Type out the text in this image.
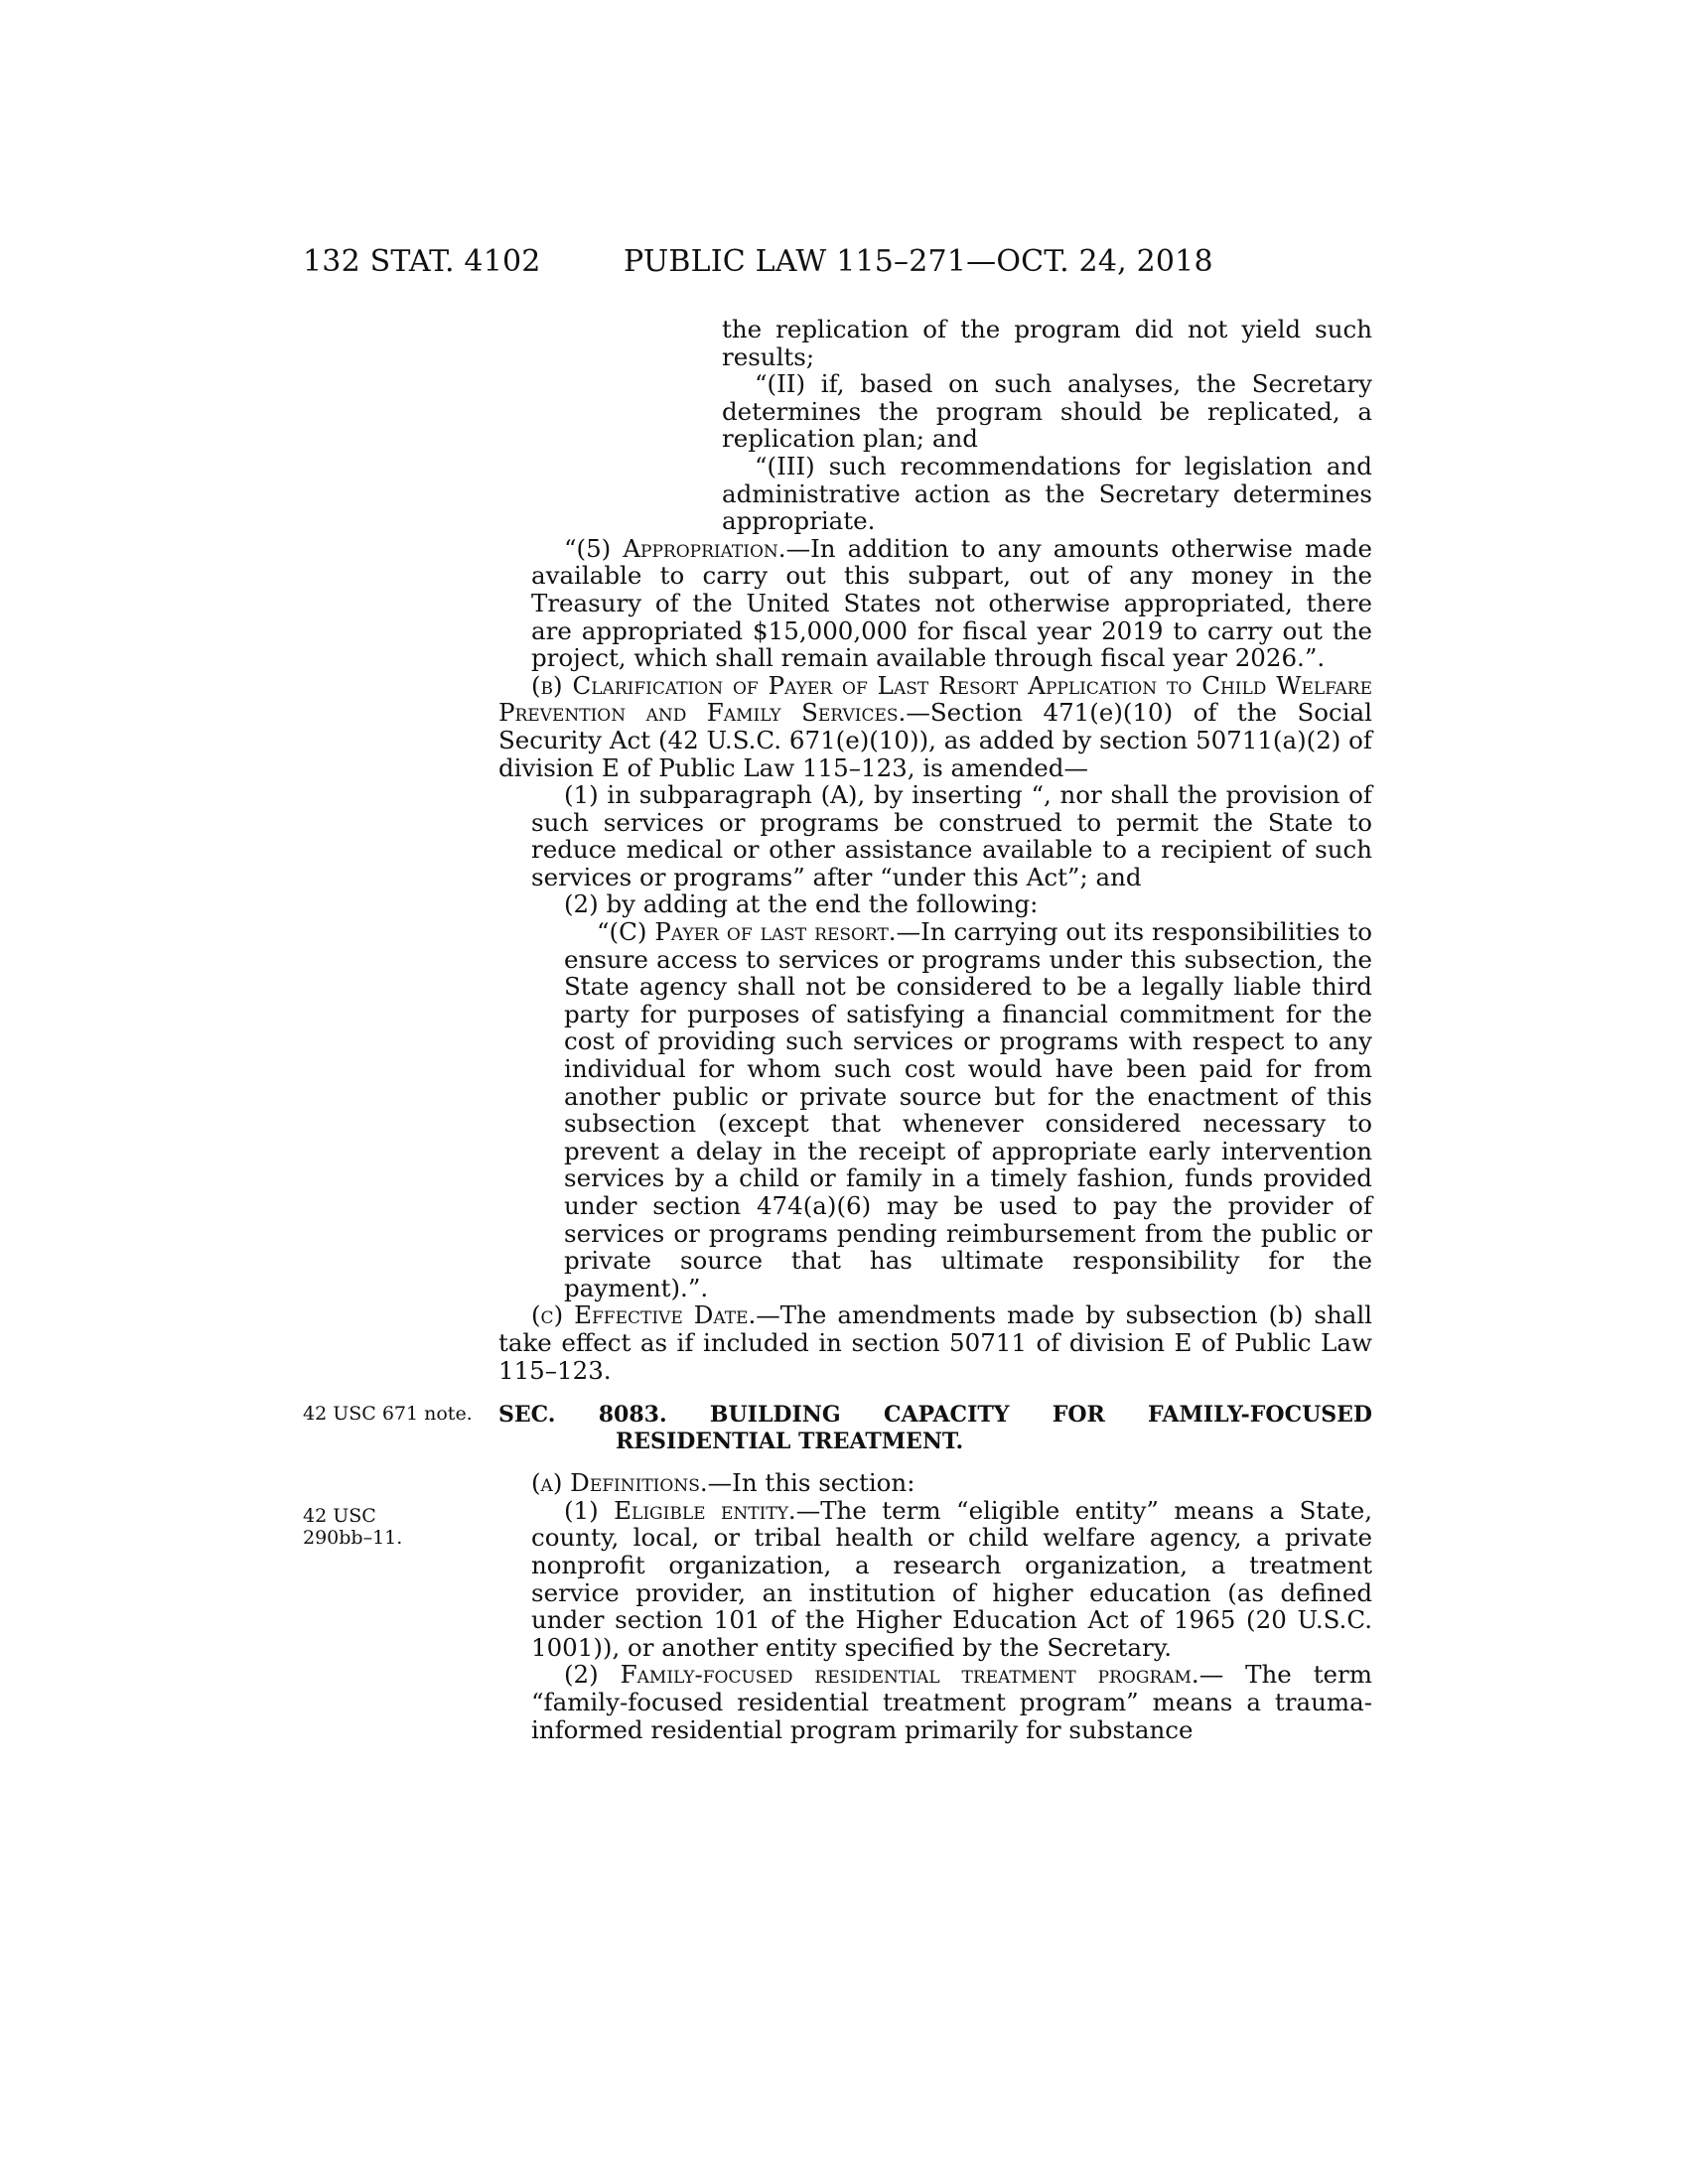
132 STAT. 4102	PUBLIC LAW 115–271—OCT. 24, 2018
42 USC 671 note.
42 USC
290bb–11.

the replication of the program did not yield such results;

“(II) if, based on such analyses, the Secretary determines the program should be replicated, a replication plan; and

“(III) such recommendations for legislation and administrative action as the Secretary determines appropriate.

“(5) Appropriation.—In addition to any amounts otherwise made available to carry out this subpart, out of any money in the Treasury of the United States not otherwise appropriated, there are appropriated $15,000,000 for fiscal year 2019 to carry out the project, which shall remain available through fiscal year 2026.”.

(b) Clarification of Payer of Last Resort Application to Child Welfare Prevention and Family Services.—Section 471(e)(10) of the Social Security Act (42 U.S.C. 671(e)(10)), as added by section 50711(a)(2) of division E of Public Law 115–123, is amended—

(1) in subparagraph (A), by inserting “, nor shall the provision of such services or programs be construed to permit the State to reduce medical or other assistance available to a recipient of such services or programs” after “under this Act”; and

(2) by adding at the end the following:

“(C) Payer of last resort.—In carrying out its responsibilities to ensure access to services or programs under this subsection, the State agency shall not be considered to be a legally liable third party for purposes of satisfying a financial commitment for the cost of providing such services or programs with respect to any individual for whom such cost would have been paid for from another public or private source but for the enactment of this subsection (except that whenever considered necessary to prevent a delay in the receipt of appropriate early intervention services by a child or family in a timely fashion, funds provided under section 474(a)(6) may be used to pay the provider of services or programs pending reimbursement from the public or private source that has ultimate responsibility for the payment).”.

(c) Effective Date.—The amendments made by subsection (b) shall take effect as if included in section 50711 of division E of Public Law 115–123.

SEC. 8083. BUILDING CAPACITY FOR FAMILY-FOCUSED RESIDENTIAL TREATMENT.

(a) Definitions.—In this section:

(1) Eligible entity.—The term “eligible entity” means a State, county, local, or tribal health or child welfare agency, a private nonprofit organization, a research organization, a treatment service provider, an institution of higher education (as defined under section 101 of the Higher Education Act of 1965 (20 U.S.C. 1001)), or another entity specified by the Secretary.

(2) Family-focused residential treatment program.— The term “family-focused residential treatment program” means a trauma-informed residential program primarily for substance
